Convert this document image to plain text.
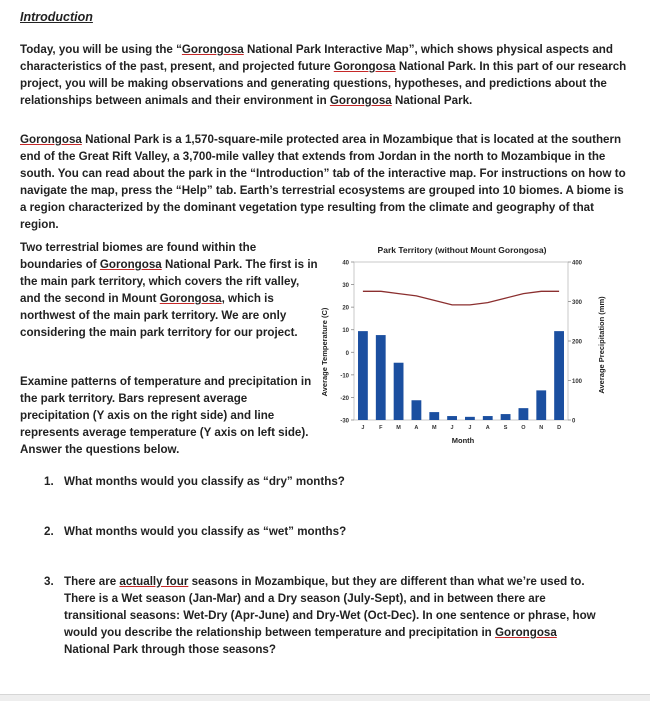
Introduction

Today, you will be using the “Gorongosa National Park Interactive Map”, which shows physical aspects and characteristics of the past, present, and projected future Gorongosa National Park. In this part of our research project, you will be making observations and generating questions, hypotheses, and predictions about the relationships between animals and their environment in Gorongosa National Park.

Gorongosa National Park is a 1,570-square-mile protected area in Mozambique that is located at the southern end of the Great Rift Valley, a 3,700-mile valley that extends from Jordan in the north to Mozambique in the south. You can read about the park in the “Introduction” tab of the interactive map. For instructions on how to navigate the map, press the “Help” tab. Earth’s terrestrial ecosystems are grouped into 10 biomes. A biome is a region characterized by the dominant vegetation type resulting from the climate and geography of that region.

Two terrestrial biomes are found within the boundaries of Gorongosa National Park. The first is in the main park territory, which covers the rift valley, and the second in Mount Gorongosa, which is northwest of the main park territory. We are only considering the main park territory for our project.

Examine patterns of temperature and precipitation in the park territory. Bars represent average precipitation (Y axis on the right side) and line represents average temperature (Y axis on left side). Answer the questions below.

Park Territory (without Mount Gorongosa)
40
30
20
10
0
-10
-20
-30
400
300
200
100
0
J	F	M A M	J	J	A	S	O N	D
Month
Average Temperature (C)	Average Precipitation (mm)
1. What months would you classify as “dry” months?
2. What months would you classify as “wet” months?
3. There are actually four seasons in Mozambique, but they are different than what we’re used to. There is a Wet season (Jan-Mar) and a Dry season (July-Sept), and in between there are transitional seasons: Wet-Dry (Apr-June) and Dry-Wet (Oct-Dec). In one sentence or phrase, how would you describe the relationship between temperature and precipitation in Gorongosa National Park through those seasons?
